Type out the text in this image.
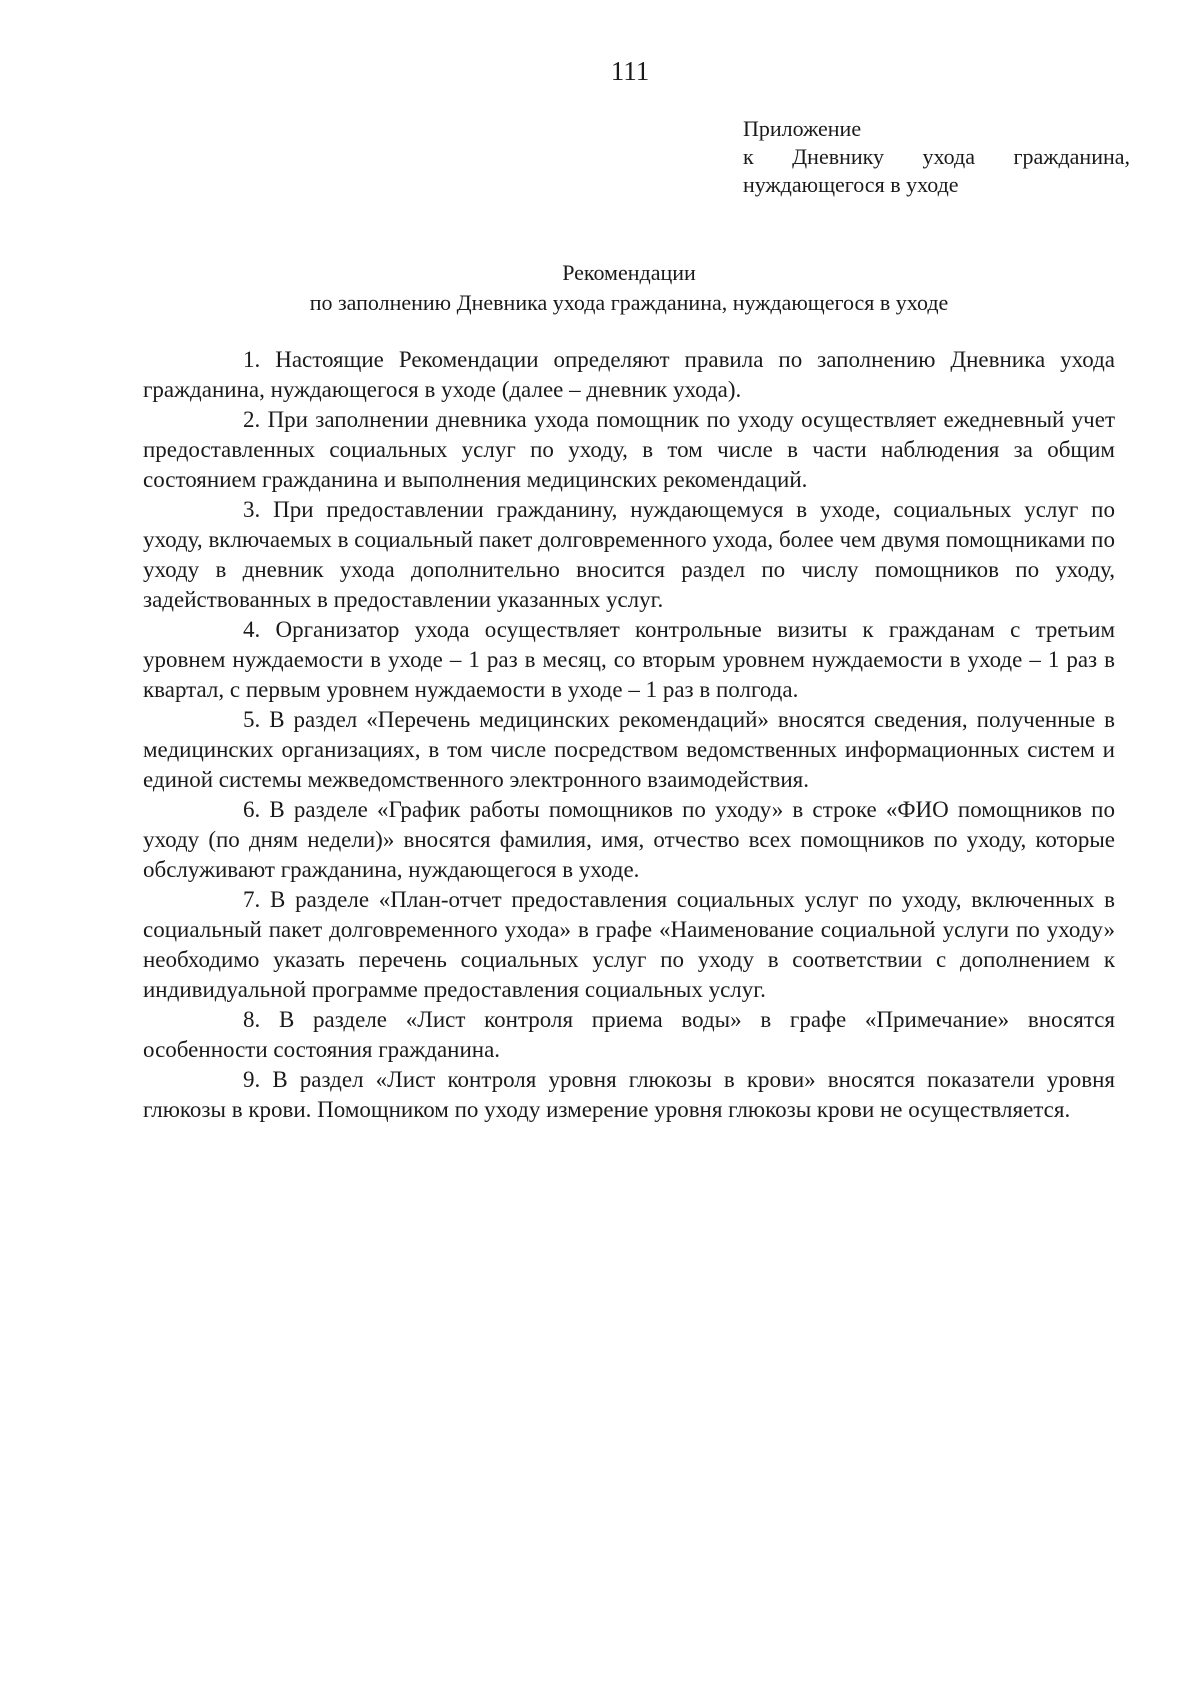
111
Приложение
к Дневнику ухода гражданина,
нуждающегося в уходе
Рекомендации
по заполнению Дневника ухода гражданина, нуждающегося в уходе

1. Настоящие Рекомендации определяют правила по заполнению Дневника ухода гражданина, нуждающегося в уходе (далее – дневник ухода).

2. При заполнении дневника ухода помощник по уходу осуществляет ежедневный учет предоставленных социальных услуг по уходу, в том числе в части наблюдения за общим состоянием гражданина и выполнения медицинских рекомендаций.

3. При предоставлении гражданину, нуждающемуся в уходе, социальных услуг по уходу, включаемых в социальный пакет долговременного ухода, более чем двумя помощниками по уходу в дневник ухода дополнительно вносится раздел по числу помощников по уходу, задействованных в предоставлении указанных услуг.

4. Организатор ухода осуществляет контрольные визиты к гражданам с третьим уровнем нуждаемости в уходе – 1 раз в месяц, со вторым уровнем нуждаемости в уходе – 1 раз в квартал, с первым уровнем нуждаемости в уходе – 1 раз в полгода.

5. В раздел «Перечень медицинских рекомендаций» вносятся сведения, полученные в медицинских организациях, в том числе посредством ведомственных информационных систем и единой системы межведомственного электронного взаимодействия.

6. В разделе «График работы помощников по уходу» в строке «ФИО помощников по уходу (по дням недели)» вносятся фамилия, имя, отчество всех помощников по уходу, которые обслуживают гражданина, нуждающегося в уходе.

7. В разделе «План-отчет предоставления социальных услуг по уходу, включенных в социальный пакет долговременного ухода» в графе «Наименование социальной услуги по уходу» необходимо указать перечень социальных услуг по уходу в соответствии с дополнением к индивидуальной программе предоставления социальных услуг.

8. В разделе «Лист контроля приема воды» в графе «Примечание» вносятся особенности состояния гражданина.

9. В раздел «Лист контроля уровня глюкозы в крови» вносятся показатели уровня глюкозы в крови. Помощником по уходу измерение уровня глюкозы крови не осуществляется.
